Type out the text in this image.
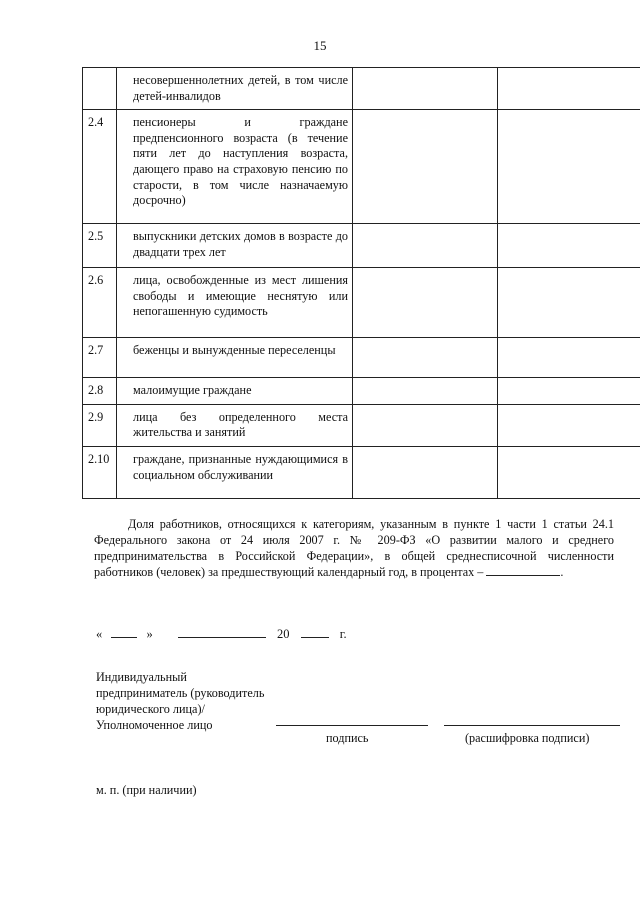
15
	несовершеннолетних детей, в том числе детей-инвалидов		
2.4	пенсионеры и граждане предпенсионного возраста (в течение пяти лет до наступления возраста, дающего право на страховую пенсию по старости, в том числе назначаемую досрочно)		
2.5	выпускники детских домов в возрасте до двадцати трех лет		
2.6	лица, освобожденные из мест лишения свободы и имеющие неснятую или непогашенную судимость		
2.7	беженцы и вынужденные переселенцы		
2.8	малоимущие граждане		
2.9	лица без определенного места жительства и занятий		
2.10	граждане, признанные нуждающимися в социальном обслуживании		
Доля работников, относящихся к категориям, указанным в пункте 1 части 1 статьи 24.1 Федерального закона от 24 июля 2007 г. № 209-ФЗ «О развитии малого и среднего предпринимательства в Российской Федерации», в общей среднесписочной численности работников (человек) за предшествующий календарный год, в процентах –	.
«	»	20	г.
Индивидуальный предприниматель (руководитель юридического лица)/Уполномоченное лицо
подпись	(расшифровка подписи)
м. п. (при наличии)
